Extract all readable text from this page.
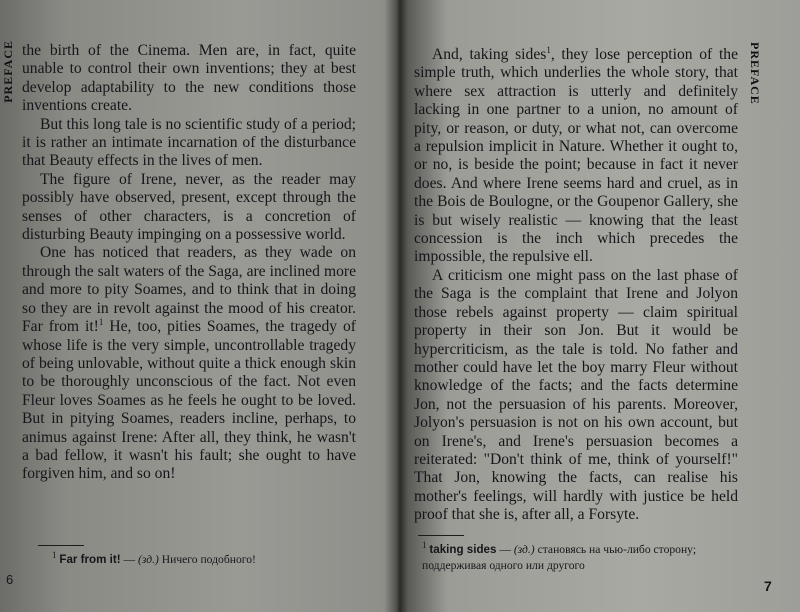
PREFACE the birth of the Cinema. Men are, in fact, quite unable to control their own inventions; they at best develop adaptability to the new conditions those inventions create.

But this long tale is no scientific study of a period; it is rather an intimate incarnation of the disturbance that Beauty effects in the lives of men.

The figure of Irene, never, as the reader may possibly have observed, present, except through the senses of other characters, is a concretion of disturbing Beauty impinging on a possessive world.

One has noticed that readers, as they wade on through the salt waters of the Saga, are inclined more and more to pity Soames, and to think that in doing so they are in revolt against the mood of his creator. Far from it!$^1$ He, too, pities Soames, the tragedy of whose life is the very simple, uncontrollable tragedy of being unlovable, without quite a thick enough skin to be thoroughly unconscious of the fact. Not even Fleur loves Soames as he feels he ought to be loved. But in pitying Soames, readers incline, perhaps, to animus against Irene: After all, they think, he wasn't a bad fellow, it wasn't his fault; she ought to have forgiven him, and so on!

$^1$ Far from it! — (зд.) Ничего подобного!
6
PREFACE

And, taking sides$^1$, they lose perception of the simple truth, which underlies the whole story, that where sex attraction is utterly and definitely lacking in one partner to a union, no amount of pity, or reason, or duty, or what not, can overcome a repulsion implicit in Nature. Whether it ought to, or no, is beside the point; because in fact it never does. And where Irene seems hard and cruel, as in the Bois de Boulogne, or the Goupenor Gallery, she is but wisely realistic — knowing that the least concession is the inch which precedes the impossible, the repulsive ell.

A criticism one might pass on the last phase of the Saga is the complaint that Irene and Jolyon those rebels against property — claim spiritual property in their son Jon. But it would be hypercriticism, as the tale is told. No father and mother could have let the boy marry Fleur without knowledge of the facts; and the facts determine Jon, not the persuasion of his parents. Moreover, Jolyon's persuasion is not on his own account, but on Irene's, and Irene's persuasion becomes a reiterated: "Don't think of me, think of yourself!" That Jon, knowing the facts, can realise his mother's feelings, will hardly with justice be held proof that she is, after all, a Forsyte.

$^1$ taking sides — (зд.) становясь на чью-либо сторону; поддерживая одного или другого
7
